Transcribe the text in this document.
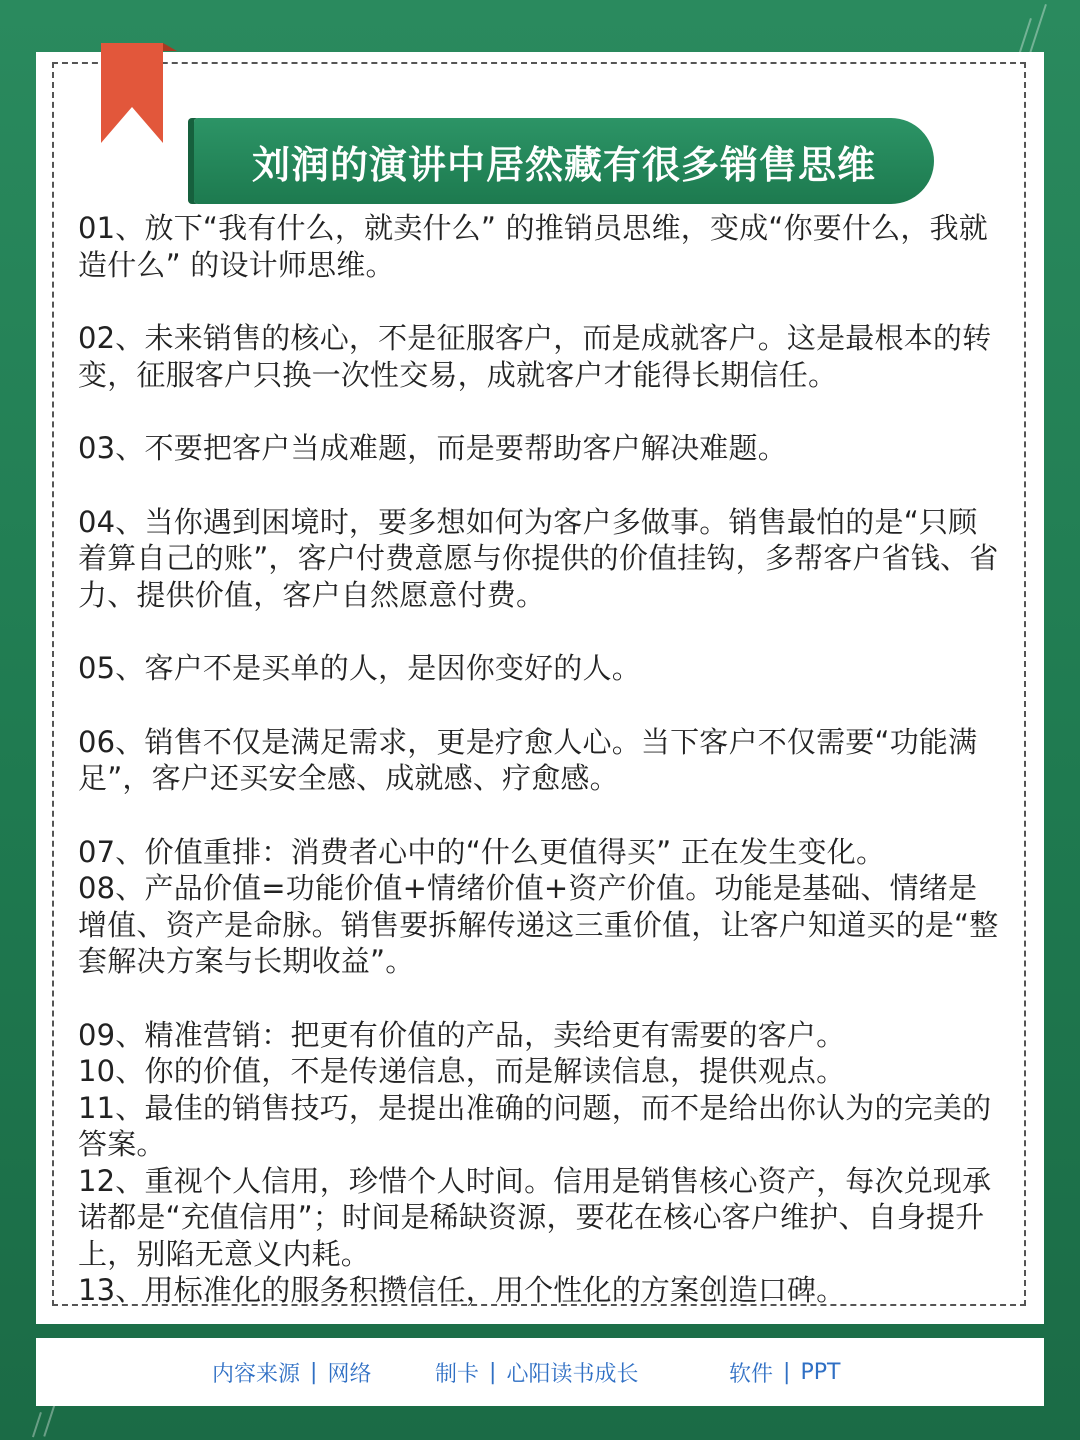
刘润的演讲中居然藏有很多销售思维

01、放下“我有什么，就卖什么” 的推销员思维，变成“你要什么，我就造什么” 的设计师思维。

02、未来销售的核心，不是征服客户，而是成就客户。这是最根本的转变，征服客户只换一次性交易，成就客户才能得长期信任。

03、不要把客户当成难题，而是要帮助客户解决难题。

04、当你遇到困境时，要多想如何为客户多做事。销售最怕的是“只顾着算自己的账”，客户付费意愿与你提供的价值挂钩，多帮客户省钱、省力、提供价值，客户自然愿意付费。

05、客户不是买单的人，是因你变好的人。

06、销售不仅是满足需求，更是疗愈人心。当下客户不仅需要“功能满足”，客户还买安全感、成就感、疗愈感。

07、价值重排：消费者心中的“什么更值得买” 正在发生变化。

08、产品价值=功能价值+情绪价值+资产价值。功能是基础、情绪是增值、资产是命脉。销售要拆解传递这三重价值，让客户知道买的是“整套解决方案与长期收益”。

09、精准营销：把更有价值的产品，卖给更有需要的客户。

10、你的价值，不是传递信息，而是解读信息，提供观点。

11、最佳的销售技巧，是提出准确的问题，而不是给出你认为的完美的答案。

12、重视个人信用，珍惜个人时间。信用是销售核心资产，每次兑现承诺都是“充值信用”；时间是稀缺资源，要花在核心客户维护、自身提升上，别陷无意义内耗。

13、用标准化的服务积攒信任，用个性化的方案创造口碑。

内容来源 | 网络	制卡 | 心阳读书成长	软件 | PPT
